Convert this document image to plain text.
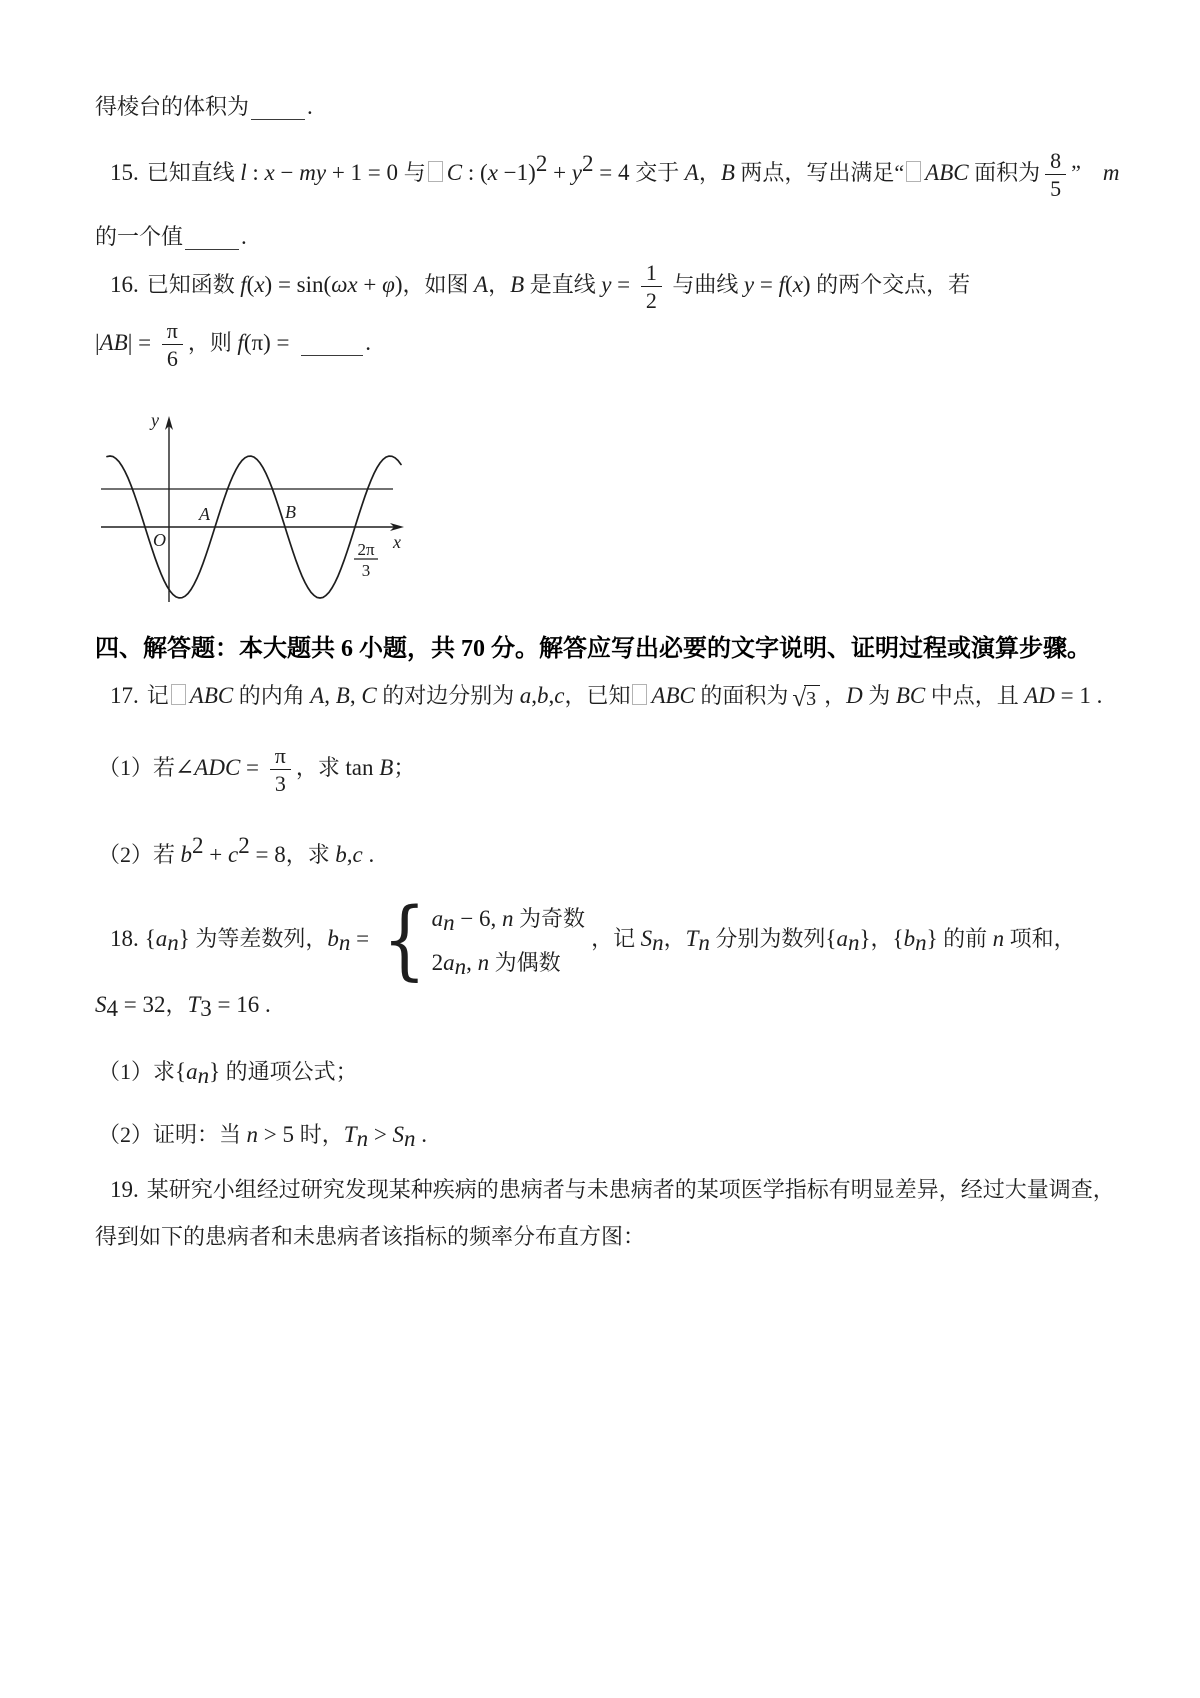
得棱台的体积为	.
15. 已知直线 l : x − my + 1 = 0 与 C : $(x -1)^2 + y^2 = 4$ 交于 A，B 两点，写出满足“ ABC 面积为 $\frac{8}{5}$ ” m
的一个值	.
16. 已知函数 f(x) = sin(ωx + φ)，如图 A，B 是直线 $y = \frac{1}{2}$ 与曲线 y = f(x) 的两个交点，若
$|AB| = \frac{\pi}{6}$ ，则 f(π) =	.
y
O
A	B
x
2π
3
四、解答题：本大题共 6 小题，共 70 分。解答应写出必要的文字说明、证明过程或演算步骤。
17. 记 ABC 的内角 A, B, C 的对边分别为 a,b,c，已知 ABC 的面积为 √ 3 ，D 为 BC 中点，且 AD = 1 .
（1）若∠ADC = $\frac{\pi}{3}$ ，求 tan B；
（2）若 $b^2 + c^2 = 8$，求 b,c .
18. $\{a_n\}$ 为等差数列，$b_n$ = { $a_n - 6$, n 为奇数
$2a_n$, n 为偶数
，记 $S_n$，$T_n$ 分别为数列$\{a_n\}$，$\{b_n\}$ 的前 n 项和，
$S_4 = 32$，$T_3 = 16$ .
（1）求$\{a_n\}$ 的通项公式；
（2）证明：当 n > 5 时，$T_n > S_n$ .
19. 某研究小组经过研究发现某种疾病的患病者与未患病者的某项医学指标有明显差异，经过大量调查，
得到如下的患病者和未患病者该指标的频率分布直方图：
